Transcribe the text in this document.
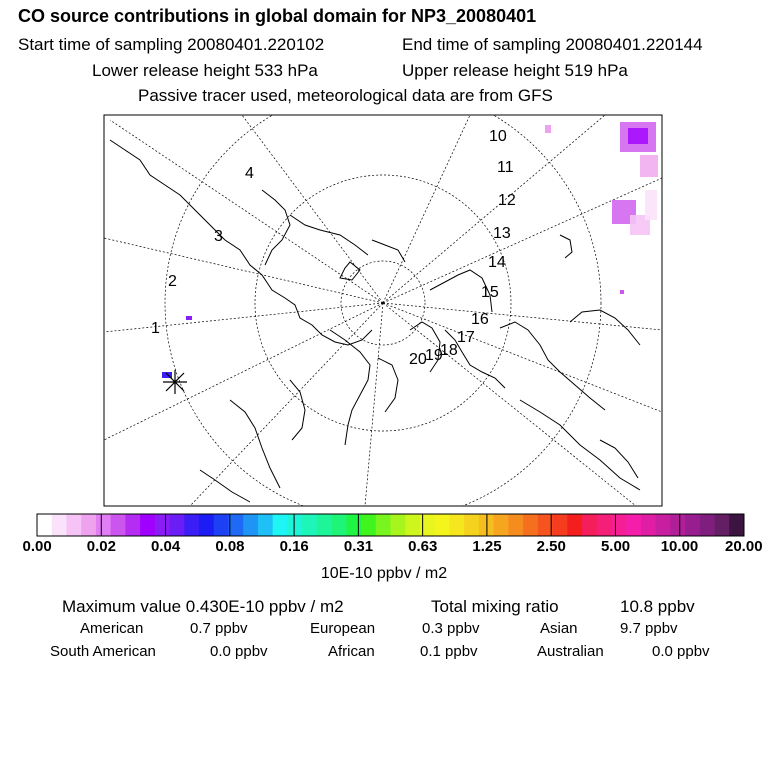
CO source contributions in global domain for NP3_20080401
Start time of sampling 20080401.220102	End time of sampling 20080401.220144
Lower release height 533 hPa	Upper release height 519 hPa
Passive tracer used, meteorological data are from GFS
1
2
3
4
10
11
12
13
14
15
16
17
18
19
20
0.00 0.02 0.04 0.08 0.16 0.31 0.63 1.25 2.50 5.00 10.00 20.00
10E-10 ppbv / m2
Maximum value 0.430E-10 ppbv / m2	Total mixing ratio	10.8 ppbv
American	0.7 ppbv	European	0.3 ppbv	Asian	9.7 ppbv
South American	0.0 ppbv	African	0.1 ppbv	Australian	0.0 ppbv
